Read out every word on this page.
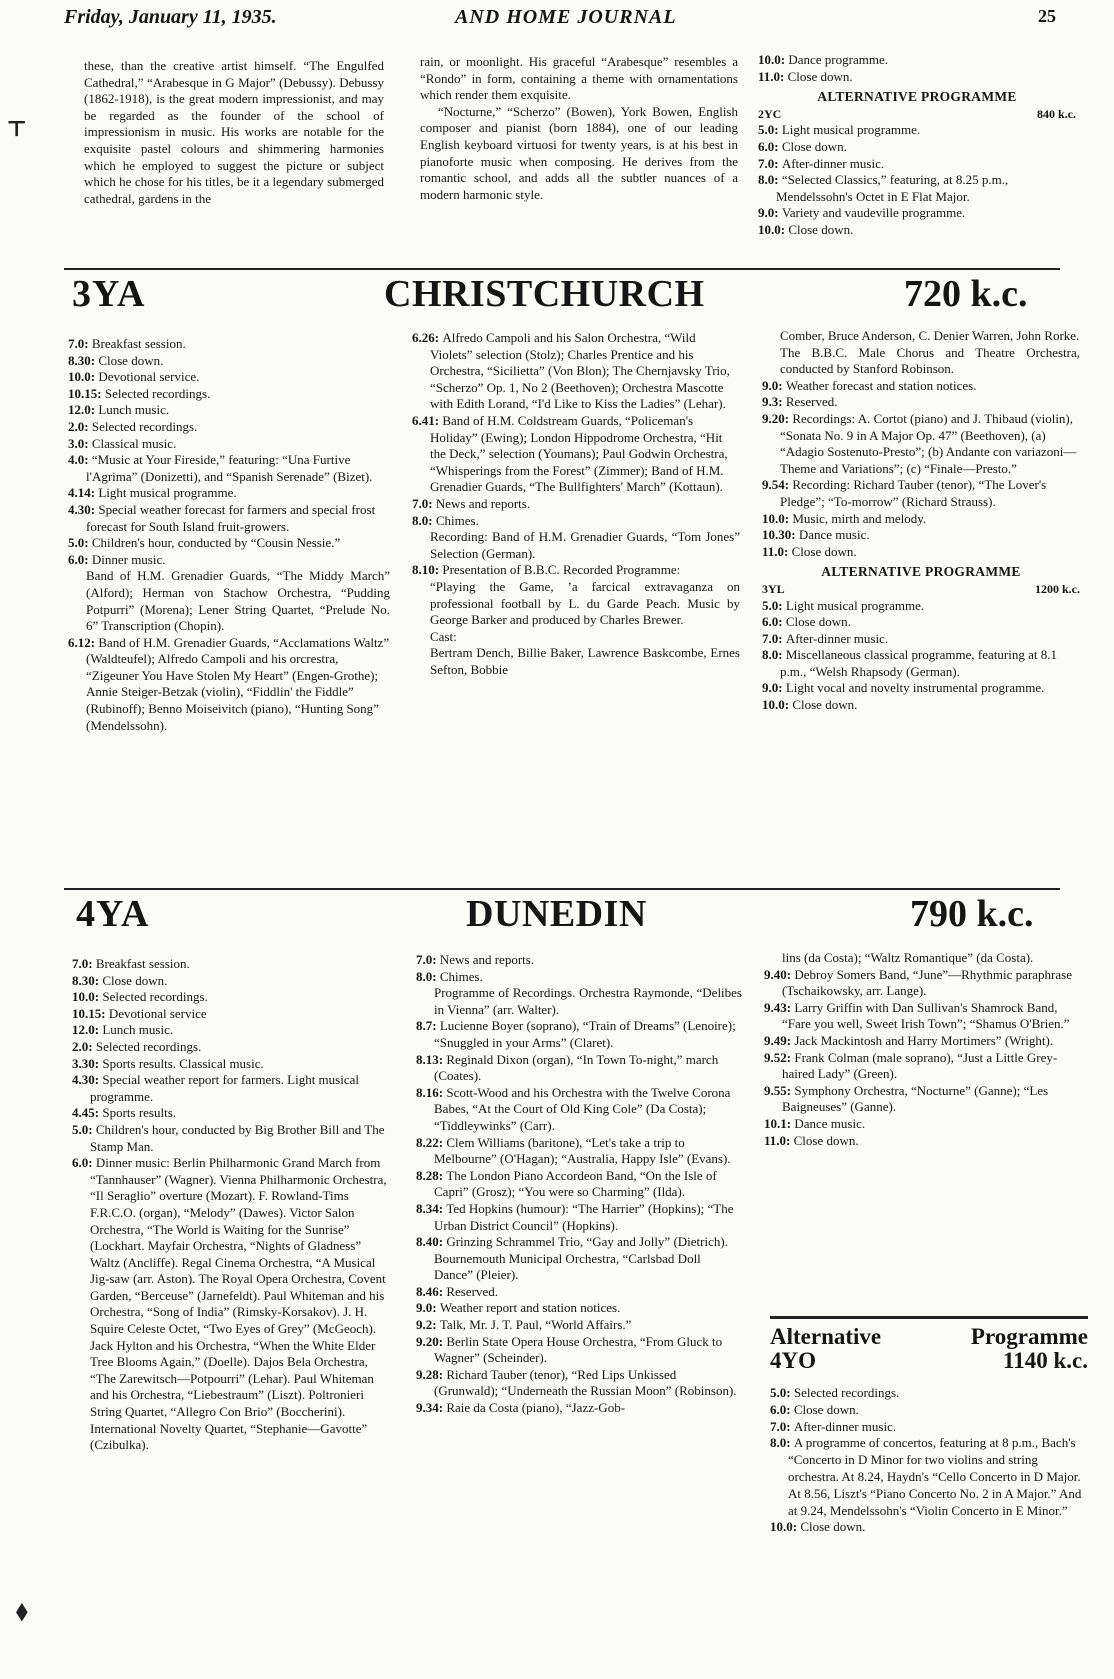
Friday, January 11, 1935.	AND HOME JOURNAL	25

these, than the creative artist himself. “The Engulfed Cathedral,” “Arabesque in G Major” (Debussy). Debussy (1862-1918), is the great modern impressionist, and may be regarded as the founder of the school of impressionism in music. His works are notable for the exquisite pastel colours and shimmering harmonies which he employed to suggest the picture or subject which he chose for his titles, be it a legendary submerged cathedral, gardens in the

rain, or moonlight. His graceful “Arabesque” resembles a “Rondo” in form, containing a theme with ornamentations which render them exquisite.

“Nocturne,” “Scherzo” (Bowen), York Bowen, English composer and pianist (born 1884), one of our leading English keyboard virtuosi for twenty years, is at his best in pianoforte music when composing. He derives from the romantic school, and adds all the subtler nuances of a modern harmonic style.

10.0: Dance programme.

11.0: Close down.

ALTERNATIVE PROGRAMME
2YC	840 k.c.

5.0: Light musical programme.

6.0: Close down.

7.0: After-dinner music.

8.0: “Selected Classics,” featuring, at 8.25 p.m., Mendelssohn's Octet in E Flat Major.

9.0: Variety and vaudeville programme.

10.0: Close down.

3YA	CHRISTCHURCH	720 k.c.

7.0: Breakfast session.

8.30: Close down.

10.0: Devotional service.

10.15: Selected recordings.

12.0: Lunch music.

2.0: Selected recordings.

3.0: Classical music.

4.0: “Music at Your Fireside,” featuring: “Una Furtive l'Agrima” (Donizetti), and “Spanish Serenade” (Bizet).

4.14: Light musical programme.

4.30: Special weather forecast for farmers and special frost forecast for South Island fruit-growers.

5.0: Children's hour, conducted by “Cousin Nessie.”

6.0: Dinner music.

Band of H.M. Grenadier Guards, “The Middy March” (Alford); Herman von Stachow Orchestra, “Pudding Potpurri” (Morena); Lener String Quartet, “Prelude No. 6” Transcription (Chopin).

6.12: Band of H.M. Grenadier Guards, “Acclamations Waltz” (Waldteufel); Alfredo Campoli and his orcrestra, “Zigeuner You Have Stolen My Heart” (Engen-Grothe); Annie Steiger-Betzak (violin), “Fiddlin' the Fiddle” (Rubinoff); Benno Moiseivitch (piano), “Hunting Song” (Mendelssohn).

6.26: Alfredo Campoli and his Salon Orchestra, “Wild Violets” selection (Stolz); Charles Prentice and his Orchestra, “Sicilietta” (Von Blon); The Chernjavsky Trio, “Scherzo” Op. 1, No 2 (Beethoven); Orchestra Mascotte with Edith Lorand, “I'd Like to Kiss the Ladies” (Lehar).

6.41: Band of H.M. Coldstream Guards, “Policeman's Holiday” (Ewing); London Hippodrome Orchestra, “Hit the Deck,” selection (Youmans); Paul Godwin Orchestra, “Whisperings from the Forest” (Zimmer); Band of H.M. Grenadier Guards, “The Bullfighters' March” (Kottaun).

7.0: News and reports.

8.0: Chimes.

Recording: Band of H.M. Grenadier Guards, “Tom Jones” Selection (German).

8.10: Presentation of B.B.C. Recorded Programme:

“Playing the Game, ’a farcical extravaganza on professional football by L. du Garde Peach. Music by George Barker and produced by Charles Brewer.

Cast:

Bertram Dench, Billie Baker, Lawrence Baskcombe, Ernes Sefton, Bobbie

Comber, Bruce Anderson, C. Denier Warren, John Rorke.

The B.B.C. Male Chorus and Theatre Orchestra, conducted by Stanford Robinson.

9.0: Weather forecast and station notices.

9.3: Reserved.

9.20: Recordings: A. Cortot (piano) and J. Thibaud (violin), “Sonata No. 9 in A Major Op. 47” (Beethoven), (a) “Adagio Sostenuto-Presto”; (b) Andante con variazoni—Theme and Variations”; (c) “Finale—Presto.”

9.54: Recording: Richard Tauber (tenor), “The Lover's Pledge”; “To-morrow” (Richard Strauss).

10.0: Music, mirth and melody.

10.30: Dance music.

11.0: Close down.

ALTERNATIVE PROGRAMME
3YL	1200 k.c.

5.0: Light musical programme.

6.0: Close down.

7.0: After-dinner music.

8.0: Miscellaneous classical programme, featuring at 8.1 p.m., “Welsh Rhapsody (German).

9.0: Light vocal and novelty instrumental programme.

10.0: Close down.

4YA	DUNEDIN	790 k.c.

7.0: Breakfast session.

8.30: Close down.

10.0: Selected recordings.

10.15: Devotional service

12.0: Lunch music.

2.0: Selected recordings.

3.30: Sports results. Classical music.

4.30: Special weather report for farmers. Light musical programme.

4.45: Sports results.

5.0: Children's hour, conducted by Big Brother Bill and The Stamp Man.

6.0: Dinner music: Berlin Philharmonic Grand March from “Tannhauser” (Wagner). Vienna Philharmonic Orchestra, “Il Seraglio” overture (Mozart). F. Rowland-Tims F.R.C.O. (organ), “Melody” (Dawes). Victor Salon Orchestra, “The World is Waiting for the Sunrise” (Lockhart. Mayfair Orchestra, “Nights of Gladness” Waltz (Ancliffe). Regal Cinema Orchestra, “A Musical Jig-saw (arr. Aston). The Royal Opera Orchestra, Covent Garden, “Berceuse” (Jarnefeldt). Paul Whiteman and his Orchestra, “Song of India” (Rimsky-Korsakov). J. H. Squire Celeste Octet, “Two Eyes of Grey” (McGeoch). Jack Hylton and his Orchestra, “When the White Elder Tree Blooms Again,” (Doelle). Dajos Bela Orchestra, “The Zarewitsch—Potpourri” (Lehar). Paul Whiteman and his Orchestra, “Liebestraum” (Liszt). Poltronieri String Quartet, “Allegro Con Brio” (Boccherini). International Novelty Quartet, “Stephanie—Gavotte” (Czibulka).

7.0: News and reports.

8.0: Chimes.

Programme of Recordings. Orchestra Raymonde, “Delibes in Vienna” (arr. Walter).

8.7: Lucienne Boyer (soprano), “Train of Dreams” (Lenoire); “Snuggled in your Arms” (Claret).

8.13: Reginald Dixon (organ), “In Town To-night,” march (Coates).

8.16: Scott-Wood and his Orchestra with the Twelve Corona Babes, “At the Court of Old King Cole” (Da Costa); “Tiddleywinks” (Carr).

8.22: Clem Williams (baritone), “Let's take a trip to Melbourne” (O'Hagan); “Australia, Happy Isle” (Evans).

8.28: The London Piano Accordeon Band, “On the Isle of Capri” (Grosz); “You were so Charming” (Ilda).

8.34: Ted Hopkins (humour): “The Harrier” (Hopkins); “The Urban District Council” (Hopkins).

8.40: Grinzing Schrammel Trio, “Gay and Jolly” (Dietrich). Bournemouth Municipal Orchestra, “Carlsbad Doll Dance” (Pleier).

8.46: Reserved.

9.0: Weather report and station notices.

9.2: Talk, Mr. J. T. Paul, “World Affairs.”

9.20: Berlin State Opera House Orchestra, “From Gluck to Wagner” (Scheinder).

9.28: Richard Tauber (tenor), “Red Lips Unkissed (Grunwald); “Underneath the Russian Moon” (Robinson).

9.34: Raie da Costa (piano), “Jazz-Gob-

lins (da Costa); “Waltz Romantique” (da Costa).

9.40: Debroy Somers Band, “June”—Rhythmic paraphrase (Tschaikowsky, arr. Lange).

9.43: Larry Griffin with Dan Sullivan's Shamrock Band, “Fare you well, Sweet Irish Town”; “Shamus O'Brien.”

9.49: Jack Mackintosh and Harry Mortimers” (Wright).

9.52: Frank Colman (male soprano), “Just a Little Grey-haired Lady” (Green).

9.55: Symphony Orchestra, “Nocturne” (Ganne); “Les Baigneuses” (Ganne).

10.1: Dance music.

11.0: Close down.

Alternative	Programme
4YO	1140 k.c.

5.0: Selected recordings.

6.0: Close down.

7.0: After-dinner music.

8.0: A programme of concertos, featuring at 8 p.m., Bach's “Concerto in D Minor for two violins and string orchestra. At 8.24, Haydn's “Cello Concerto in D Major. At 8.56, Liszt's “Piano Concerto No. 2 in A Major.” And at 9.24, Mendelssohn's “Violin Concerto in E Minor.”

10.0: Close down.

⊤
⬧
